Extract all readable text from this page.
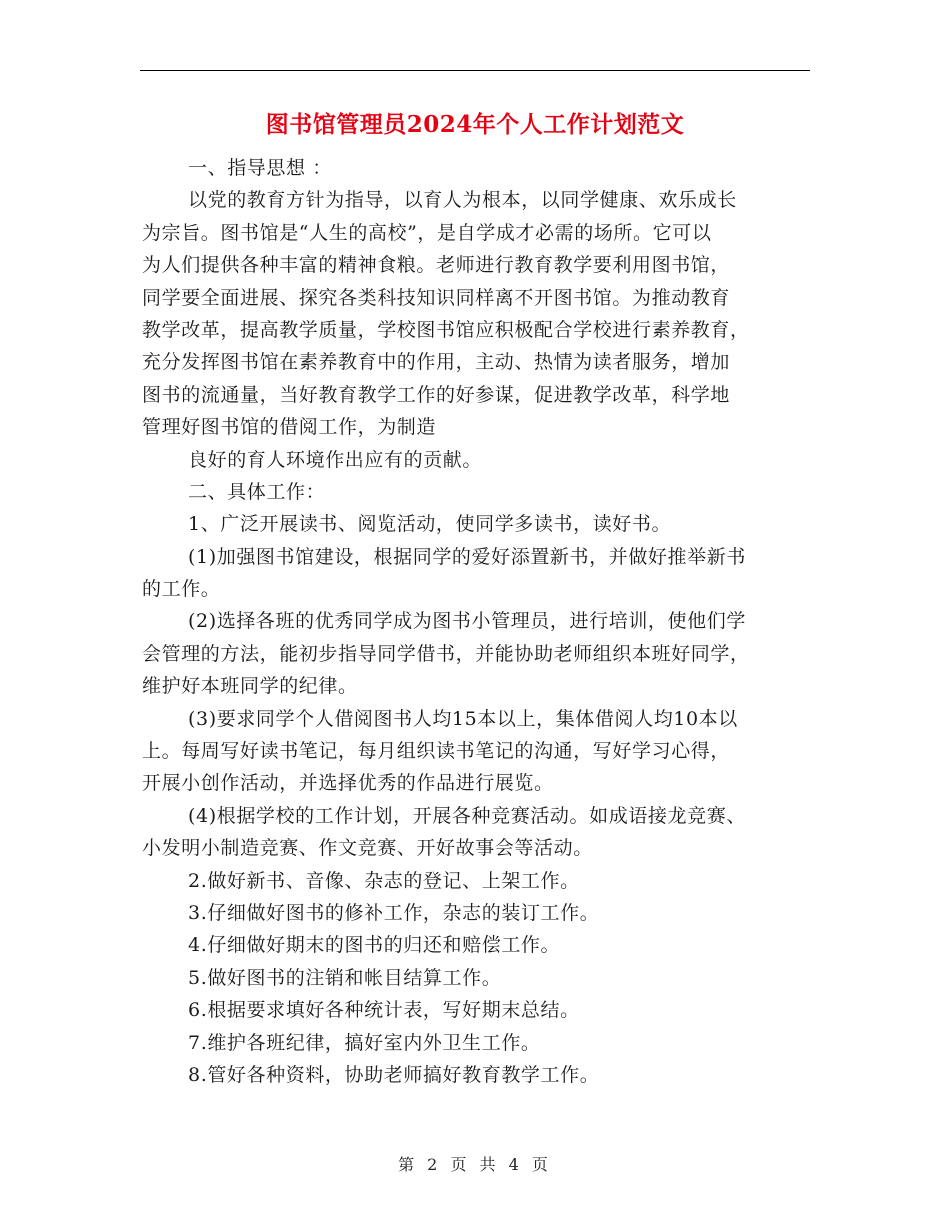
图书馆管理员2024年个人工作计划范文
一、指导思想 ：
以党的教育方针为指导，以育人为根本，以同学健康、欢乐成长
为宗旨。图书馆是“人生的高校”，是自学成才必需的场所。它可以
为人们提供各种丰富的精神食粮。老师进行教育教学要利用图书馆，
同学要全面进展、探究各类科技知识同样离不开图书馆。为推动教育
教学改革，提高教学质量，学校图书馆应积极配合学校进行素养教育，
充分发挥图书馆在素养教育中的作用，主动、热情为读者服务，增加
图书的流通量，当好教育教学工作的好参谋，促进教学改革，科学地
管理好图书馆的借阅工作，为制造
良好的育人环境作出应有的贡献。
二、具体工作：
1、广泛开展读书、阅览活动，使同学多读书，读好书。
(1)加强图书馆建设，根据同学的爱好添置新书，并做好推举新书
的工作。
(2)选择各班的优秀同学成为图书小管理员，进行培训，使他们学
会管理的方法，能初步指导同学借书，并能协助老师组织本班好同学，
维护好本班同学的纪律。
(3)要求同学个人借阅图书人均15本以上，集体借阅人均10本以
上。每周写好读书笔记，每月组织读书笔记的沟通，写好学习心得，
开展小创作活动，并选择优秀的作品进行展览。
(4)根据学校的工作计划，开展各种竞赛活动。如成语接龙竞赛、
小发明小制造竞赛、作文竞赛、开好故事会等活动。
2.做好新书、音像、杂志的登记、上架工作。
3.仔细做好图书的修补工作，杂志的装订工作。
4.仔细做好期末的图书的归还和赔偿工作。
5.做好图书的注销和帐目结算工作。
6.根据要求填好各种统计表，写好期末总结。
7.维护各班纪律，搞好室内外卫生工作。
8.管好各种资料，协助老师搞好教育教学工作。
第 2 页 共 4 页
